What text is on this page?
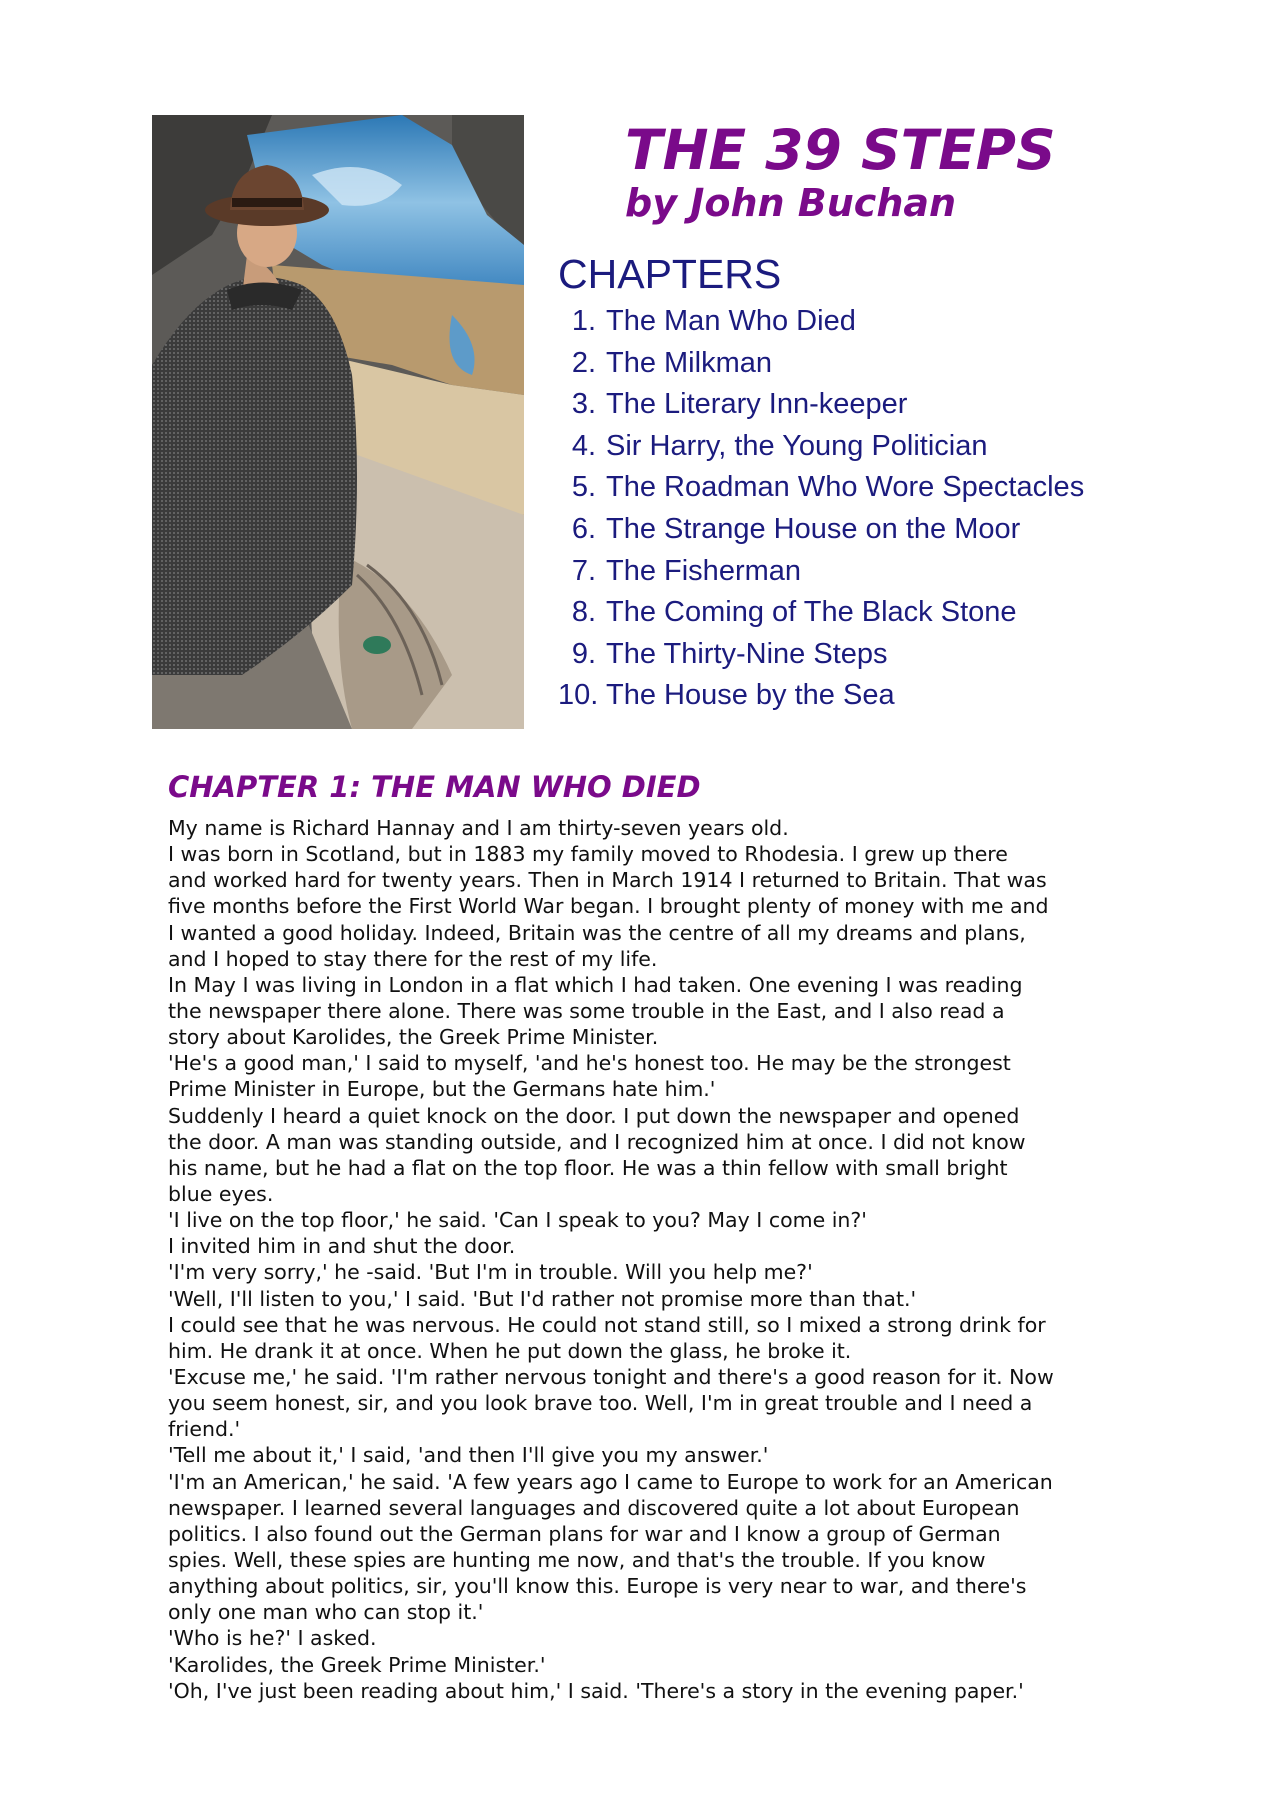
THE 39 STEPS
by John Buchan
CHAPTERS
1. The Man Who Died
2. The Milkman
3. The Literary Inn-keeper
4. Sir Harry, the Young Politician
5. The Roadman Who Wore Spectacles
6. The Strange House on the Moor
7. The Fisherman
8. The Coming of The Black Stone
9. The Thirty-Nine Steps
10. The House by the Sea
CHAPTER 1: THE MAN WHO DIED
My name is Richard Hannay and I am thirty-seven years old.
I was born in Scotland, but in 1883 my family moved to Rhodesia. I grew up there
and worked hard for twenty years. Then in March 1914 I returned to Britain. That was
five months before the First World War began. I brought plenty of money with me and
I wanted a good holiday. Indeed, Britain was the centre of all my dreams and plans,
and I hoped to stay there for the rest of my life.
In May I was living in London in a flat which I had taken. One evening I was reading
the newspaper there alone. There was some trouble in the East, and I also read a
story about Karolides, the Greek Prime Minister.
'He's a good man,' I said to myself, 'and he's honest too. He may be the strongest
Prime Minister in Europe, but the Germans hate him.'
Suddenly I heard a quiet knock on the door. I put down the newspaper and opened
the door. A man was standing outside, and I recognized him at once. I did not know
his name, but he had a flat on the top floor. He was a thin fellow with small bright
blue eyes.
'I live on the top floor,' he said. 'Can I speak to you? May I come in?'
I invited him in and shut the door.
'I'm very sorry,' he -said. 'But I'm in trouble. Will you help me?'
'Well, I'll listen to you,' I said. 'But I'd rather not promise more than that.'
I could see that he was nervous. He could not stand still, so I mixed a strong drink for
him. He drank it at once. When he put down the glass, he broke it.
'Excuse me,' he said. 'I'm rather nervous tonight and there's a good reason for it. Now
you seem honest, sir, and you look brave too. Well, I'm in great trouble and I need a
friend.'
'Tell me about it,' I said, 'and then I'll give you my answer.'
'I'm an American,' he said. 'A few years ago I came to Europe to work for an American
newspaper. I learned several languages and discovered quite a lot about European
politics. I also found out the German plans for war and I know a group of German
spies. Well, these spies are hunting me now, and that's the trouble. If you know
anything about politics, sir, you'll know this. Europe is very near to war, and there's
only one man who can stop it.'
'Who is he?' I asked.
'Karolides, the Greek Prime Minister.'
'Oh, I've just been reading about him,' I said. 'There's a story in the evening paper.'
